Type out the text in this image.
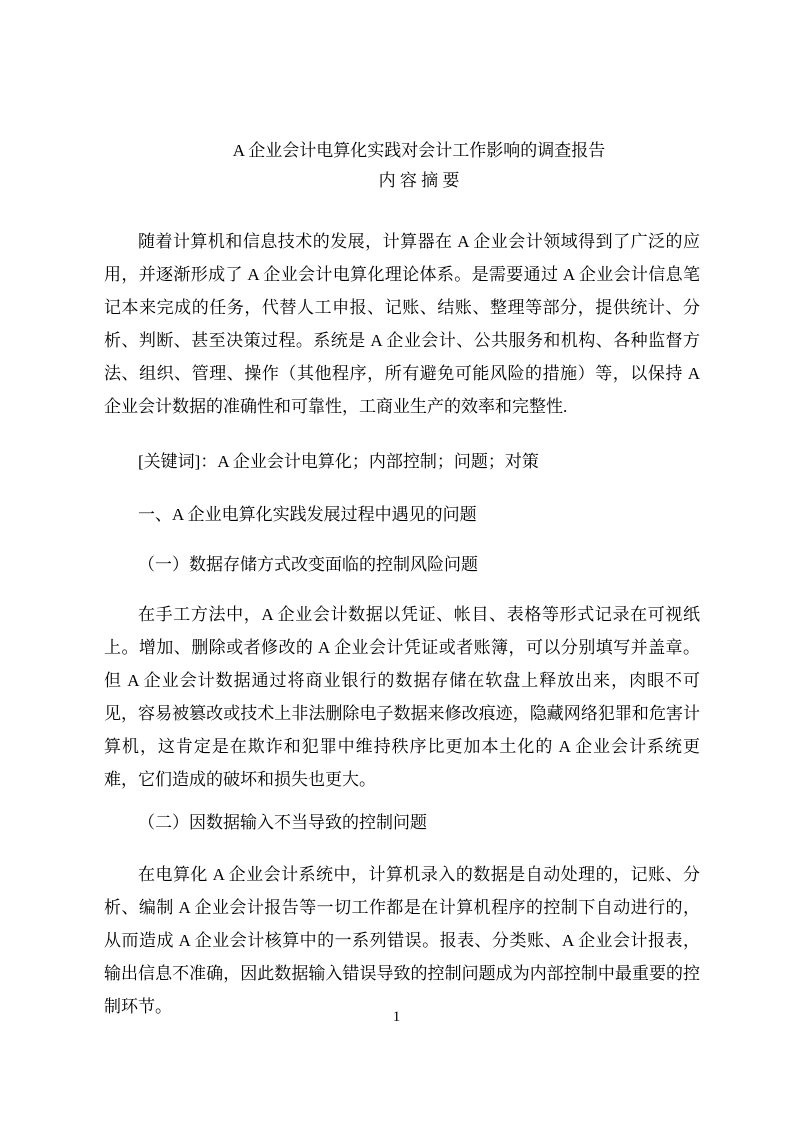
A 企业会计电算化实践对会计工作影响的调查报告
内 容 摘 要

随着计算机和信息技术的发展，计算器在 A 企业会计领域得到了广泛的应用，并逐渐形成了 A 企业会计电算化理论体系。是需要通过 A 企业会计信息笔记本来完成的任务，代替人工申报、记账、结账、整理等部分，提供统计、分析、判断、甚至决策过程。系统是 A 企业会计、公共服务和机构、各种监督方法、组织、管理、操作（其他程序，所有避免可能风险的措施）等，以保持 A 企业会计数据的准确性和可靠性，工商业生产的效率和完整性.

[关键词]：A 企业会计电算化；内部控制；问题；对策

一、A 企业电算化实践发展过程中遇见的问题
（一）数据存储方式改变面临的控制风险问题

在手工方法中，A 企业会计数据以凭证、帐目、表格等形式记录在可视纸上。增加、删除或者修改的 A 企业会计凭证或者账簿，可以分别填写并盖章。 但 A 企业会计数据通过将商业银行的数据存储在软盘上释放出来，肉眼不可见，容易被篡改或技术上非法删除电子数据来修改痕迹，隐藏网络犯罪和危害计算机，这肯定是在欺诈和犯罪中维持秩序比更加本土化的 A 企业会计系统更难，它们造成的破坏和损失也更大。

（二）因数据输入不当导致的控制问题

在电算化 A 企业会计系统中，计算机录入的数据是自动处理的，记账、分析、编制 A 企业会计报告等一切工作都是在计算机程序的控制下自动进行的，从而造成 A 企业会计核算中的一系列错误。报表、分类账、A 企业会计报表，输出信息不准确，因此数据输入错误导致的控制问题成为内部控制中最重要的控制环节。

1
